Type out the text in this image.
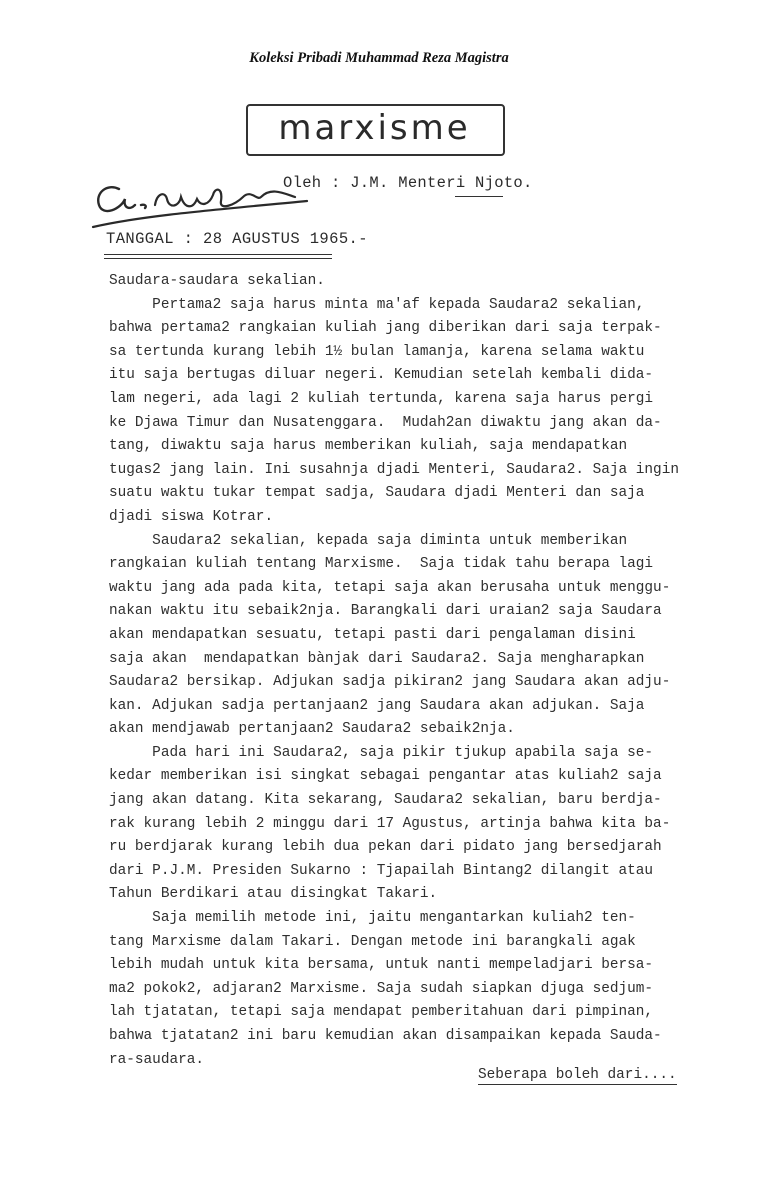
Koleksi Pribadi Muhammad Reza Magistra
marxisme
Oleh : J.M. Menteri Njoto.
TANGGAL : 28 AGUSTUS 1965.-
Saudara-saudara sekalian.
Pertama2 saja harus minta ma'af kepada Saudara2 sekalian,
bahwa pertama2 rangkaian kuliah jang diberikan dari saja terpak-
sa tertunda kurang lebih 1½ bulan lamanja, karena selama waktu
itu saja bertugas diluar negeri. Kemudian setelah kembali dida-
lam negeri, ada lagi 2 kuliah tertunda, karena saja harus pergi
ke Djawa Timur dan Nusatenggara.  Mudah2an diwaktu jang akan da-
tang, diwaktu saja harus memberikan kuliah, saja mendapatkan
tugas2 jang lain. Ini susahnja djadi Menteri, Saudara2. Saja ingin
suatu waktu tukar tempat sadja, Saudara djadi Menteri dan saja
djadi siswa Kotrar.
Saudara2 sekalian, kepada saja diminta untuk memberikan
rangkaian kuliah tentang Marxisme.  Saja tidak tahu berapa lagi
waktu jang ada pada kita, tetapi saja akan berusaha untuk menggu-
nakan waktu itu sebaik2nja. Barangkali dari uraian2 saja Saudara
akan mendapatkan sesuatu, tetapi pasti dari pengalaman disini
saja akan  mendapatkan bànjak dari Saudara2. Saja mengharapkan
Saudara2 bersikap. Adjukan sadja pikiran2 jang Saudara akan adju-
kan. Adjukan sadja pertanjaan2 jang Saudara akan adjukan. Saja
akan mendjawab pertanjaan2 Saudara2 sebaik2nja.
Pada hari ini Saudara2, saja pikir tjukup apabila saja se-
kedar memberikan isi singkat sebagai pengantar atas kuliah2 saja
jang akan datang. Kita sekarang, Saudara2 sekalian, baru berdja-
rak kurang lebih 2 minggu dari 17 Agustus, artinja bahwa kita ba-
ru berdjarak kurang lebih dua pekan dari pidato jang bersedjarah
dari P.J.M. Presiden Sukarno : Tjapailah Bintang2 dilangit atau
Tahun Berdikari atau disingkat Takari.
Saja memilih metode ini, jaitu mengantarkan kuliah2 ten-
tang Marxisme dalam Takari. Dengan metode ini barangkali agak
lebih mudah untuk kita bersama, untuk nanti mempeladjari bersa-
ma2 pokok2, adjaran2 Marxisme. Saja sudah siapkan djuga sedjum-
lah tjatatan, tetapi saja mendapat pemberitahuan dari pimpinan,
bahwa tjatatan2 ini baru kemudian akan disampaikan kepada Sauda-
ra-saudara.
Seberapa boleh dari....
